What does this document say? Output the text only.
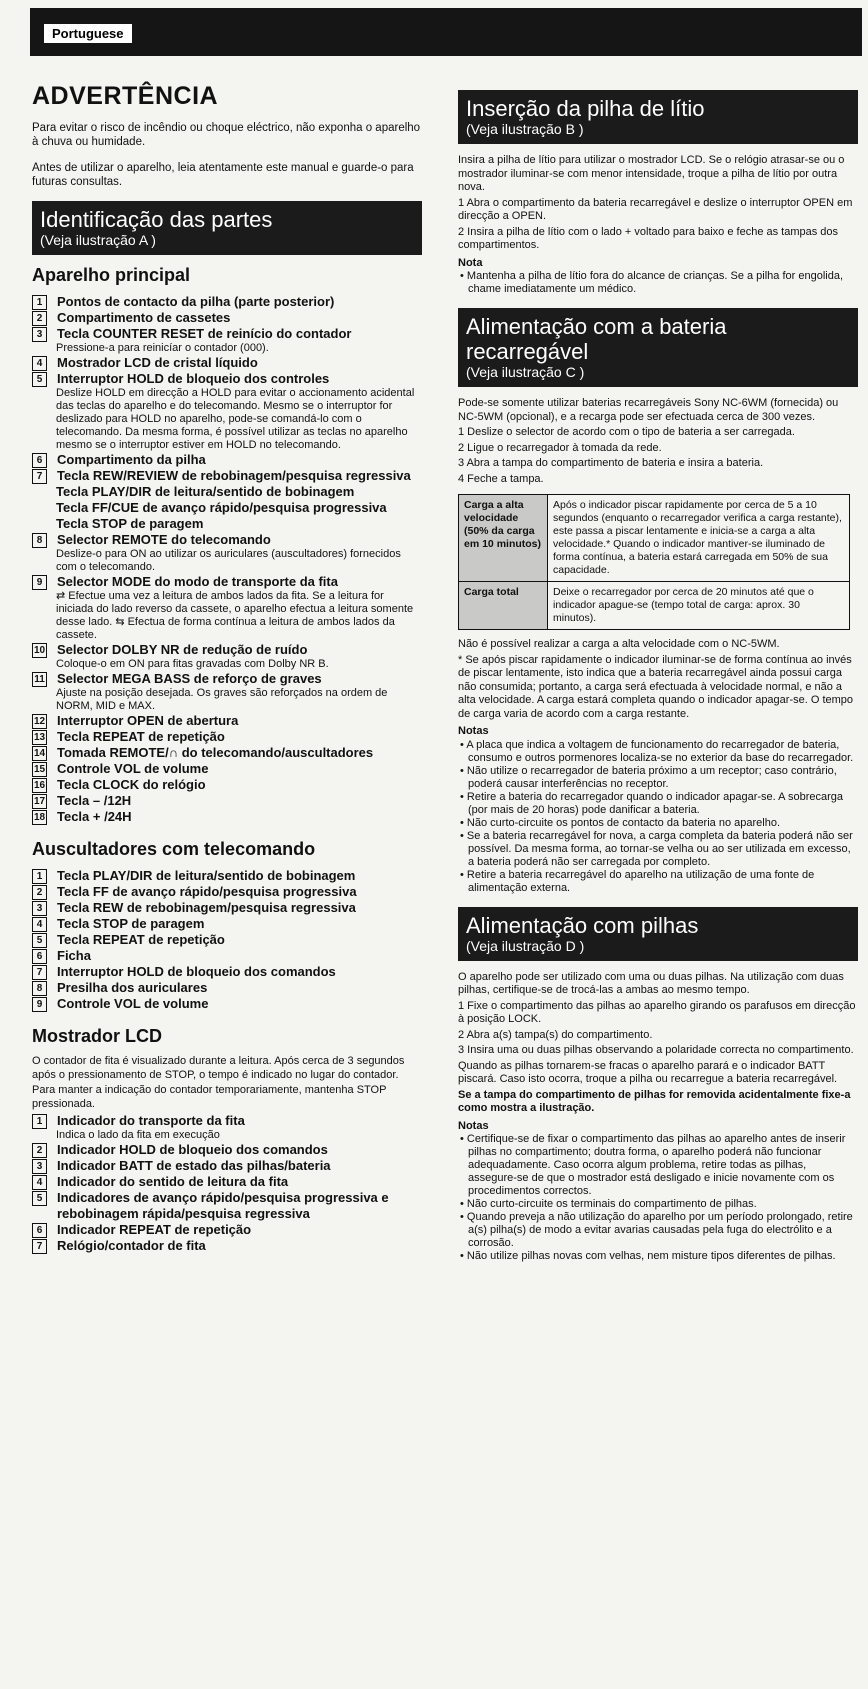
Portuguese
ADVERTÊNCIA

Para evitar o risco de incêndio ou choque eléctrico, não exponha o aparelho à chuva ou humidade.

Antes de utilizar o aparelho, leia atentamente este manual e guarde-o para futuras consultas.

Identificação das partes
(Veja ilustração A )
Aparelho principal
1	Pontos de contacto da pilha (parte posterior)
2	Compartimento de cassetes
3	Tecla COUNTER RESET de reinício do contador
Pressione-a para reinicíar o contador (000).
4	Mostrador LCD de cristal líquido
5	Interruptor HOLD de bloqueio dos controles
Deslize HOLD em direcção a HOLD para evitar o accionamento acidental das teclas do aparelho e do telecomando. Mesmo se o interruptor for deslizado para HOLD no aparelho, pode-se comandá-lo com o telecomando. Da mesma forma, é possível utilizar as teclas no aparelho mesmo se o interruptor estiver em HOLD no telecomando.
6	Compartimento da pilha
7	Tecla REW/REVIEW de rebobinagem/pesquisa regressiva
Tecla PLAY/DIR de leitura/sentido de bobinagem
Tecla FF/CUE de avanço rápido/pesquisa progressiva
Tecla STOP de paragem
8	Selector REMOTE do telecomando
Deslize-o para ON ao utilizar os auriculares (auscultadores) fornecidos com o telecomando.
9	Selector MODE do modo de transporte da fita
⇄ Efectue uma vez a leitura de ambos lados da fita. Se a leitura for iniciada do lado reverso da cassete, o aparelho efectua a leitura somente desse lado. ⇆ Efectua de forma contínua a leitura de ambos lados da cassete.
10 Selector DOLBY NR de redução de ruído
Coloque-o em ON para fitas gravadas com Dolby NR B.
11 Selector MEGA BASS de reforço de graves
Ajuste na posição desejada. Os graves são reforçados na ordem de NORM, MID e MAX.
12 Interruptor OPEN de abertura
13 Tecla REPEAT de repetição
14 Tomada REMOTE/∩ do telecomando/auscultadores
15 Controle VOL de volume
16 Tecla CLOCK do relógio
17 Tecla – /12H
18 Tecla + /24H
Auscultadores com telecomando
1	Tecla PLAY/DIR de leitura/sentido de bobinagem
2	Tecla FF de avanço rápido/pesquisa progressiva
3	Tecla REW de rebobinagem/pesquisa regressiva
4	Tecla STOP de paragem
5	Tecla REPEAT de repetição
6	Ficha
7	Interruptor HOLD de bloqueio dos comandos
8	Presilha dos auriculares
9	Controle VOL de volume
Mostrador LCD

O contador de fita é visualizado durante a leitura. Após cerca de 3 segundos após o pressionamento de STOP, o tempo é indicado no lugar do contador.

Para manter a indicação do contador temporariamente, mantenha STOP pressionada.

1	Indicador do transporte da fita
Indica o lado da fita em execução
2	Indicador HOLD de bloqueio dos comandos
3	Indicador BATT de estado das pilhas/bateria
4	Indicador do sentido de leitura da fita
5	Indicadores de avanço rápido/pesquisa progressiva e rebobinagem rápida/pesquisa regressiva
6	Indicador REPEAT de repetição
7	Relógio/contador de fita
Inserção da pilha de lítio
(Veja ilustração B )

Insira a pilha de lítio para utilizar o mostrador LCD. Se o relógio atrasar-se ou o mostrador iluminar-se com menor intensidade, troque a pilha de lítio por outra nova.

1 Abra o compartimento da bateria recarregável e deslize o interruptor OPEN em direcção a OPEN.

2 Insira a pilha de lítio com o lado + voltado para baixo e feche as tampas dos compartimentos.

Nota
• Mantenha a pilha de lítio fora do alcance de crianças. Se a pilha for engolida, chame imediatamente um médico.
Alimentação com a bateria recarregável
(Veja ilustração C )

Pode-se somente utilizar baterias recarregáveis Sony NC-6WM (fornecida) ou NC-5WM (opcional), e a recarga pode ser efectuada cerca de 300 vezes.

1 Deslize o selector de acordo com o tipo de bateria a ser carregada.

2 Ligue o recarregador à tomada da rede.

3 Abra a tampa do compartimento de bateria e insira a bateria.

4 Feche a tampa.

Carga a alta velocidade (50% da carga em 10 minutos)	Após o indicador piscar rapidamente por cerca de 5 a 10 segundos (enquanto o recarregador verifica a carga restante), este passa a piscar lentamente e inicia-se a carga a alta velocidade.* Quando o indicador mantiver-se iluminado de forma contínua, a bateria estará carregada em 50% de sua capacidade.
Carga total	Deixe o recarregador por cerca de 20 minutos até que o indicador apague-se (tempo total de carga: aprox. 30 minutos).

Não é possível realizar a carga a alta velocidade com o NC-5WM.

* Se após piscar rapidamente o indicador iluminar-se de forma contínua ao invés de piscar lentamente, isto indica que a bateria recarregável ainda possui carga não consumida; portanto, a carga será efectuada à velocidade normal, e não a alta velocidade. A carga estará completa quando o indicador apagar-se. O tempo de carga varia de acordo com a carga restante.

Notas
• A placa que indica a voltagem de funcionamento do recarregador de bateria, consumo e outros pormenores localiza-se no exterior da base do recarregador.
• Não utilize o recarregador de bateria próximo a um receptor; caso contrário, poderá causar interferências no receptor.
• Retire a bateria do recarregador quando o indicador apagar-se. A sobrecarga (por mais de 20 horas) pode danificar a bateria.
• Não curto-circuite os pontos de contacto da bateria no aparelho.
• Se a bateria recarregável for nova, a carga completa da bateria poderá não ser possível. Da mesma forma, ao tornar-se velha ou ao ser utilizada em excesso, a bateria poderá não ser carregada por completo.
• Retire a bateria recarregável do aparelho na utilização de uma fonte de alimentação externa.
Alimentação com pilhas
(Veja ilustração D )

O aparelho pode ser utilizado com uma ou duas pilhas. Na utilização com duas pilhas, certifique-se de trocá-las a ambas ao mesmo tempo.

1 Fixe o compartimento das pilhas ao aparelho girando os parafusos em direcção à posição LOCK.

2 Abra a(s) tampa(s) do compartimento.

3 Insira uma ou duas pilhas observando a polaridade correcta no compartimento.

Quando as pilhas tornarem-se fracas o aparelho parará e o indicador BATT piscará. Caso isto ocorra, troque a pilha ou recarregue a bateria recarregável.

Se a tampa do compartimento de pilhas for removida acidentalmente fixe-a como mostra a ilustração.

Notas
• Certifique-se de fixar o compartimento das pilhas ao aparelho antes de inserir pilhas no compartimento; doutra forma, o aparelho poderá não funcionar adequadamente. Caso ocorra algum problema, retire todas as pilhas, assegure-se de que o mostrador está desligado e inicie novamente com os procedimentos correctos.
• Não curto-circuite os terminais do compartimento de pilhas.
• Quando preveja a não utilização do aparelho por um período prolongado, retire a(s) pilha(s) de modo a evitar avarias causadas pela fuga do electrólito e a corrosão.
• Não utilize pilhas novas com velhas, nem misture tipos diferentes de pilhas.
